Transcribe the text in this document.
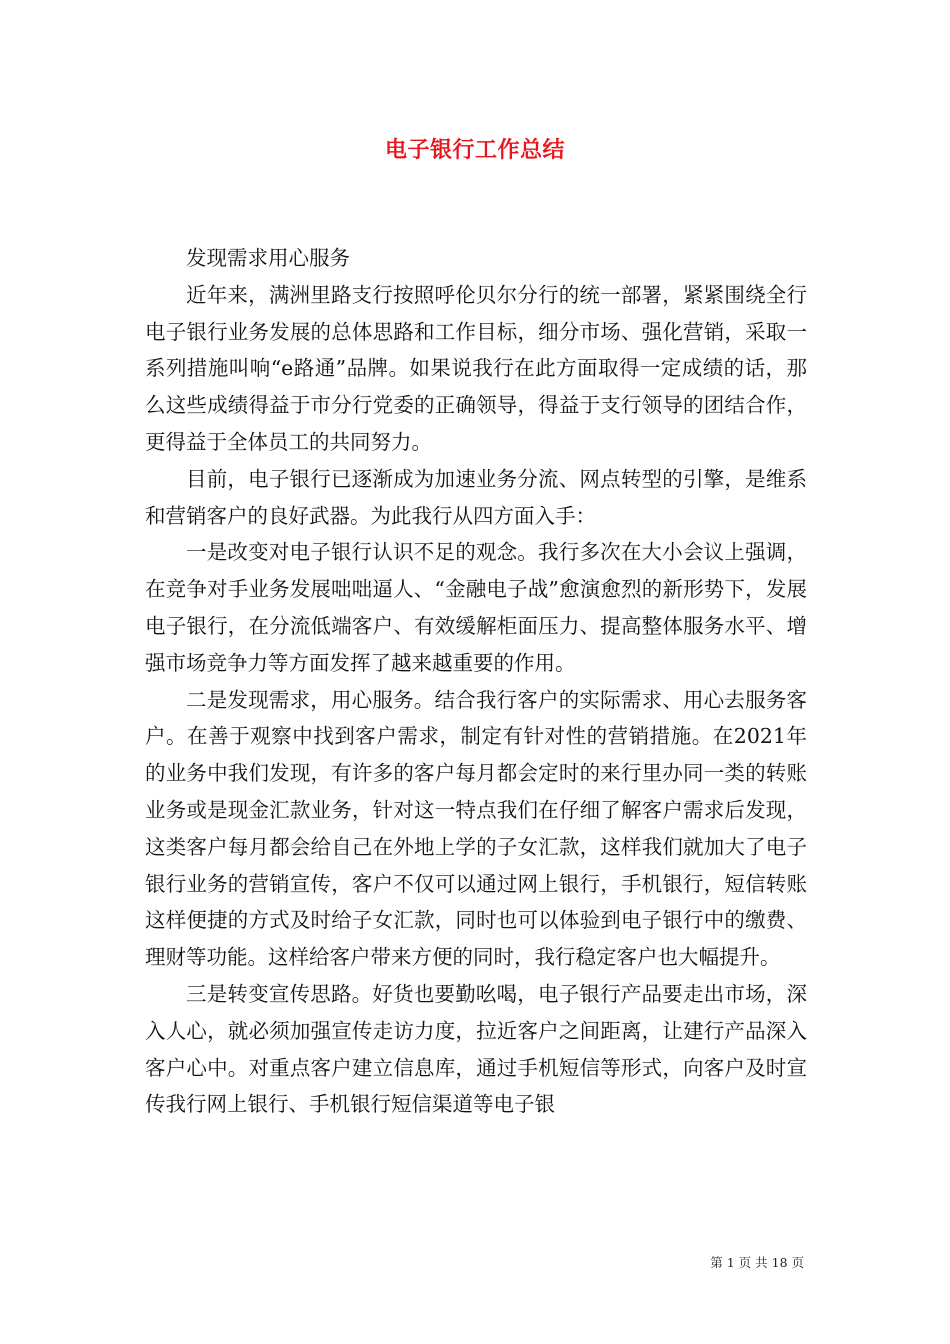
电子银行工作总结

发现需求用心服务

近年来，满洲里路支行按照呼伦贝尔分行的统一部署，紧紧围绕全行电子银行业务发展的总体思路和工作目标，细分市场、强化营销，采取一系列措施叫响“e路通”品牌。如果说我行在此方面取得一定成绩的话，那么这些成绩得益于市分行党委的正确领导，得益于支行领导的团结合作，更得益于全体员工的共同努力。

目前，电子银行已逐渐成为加速业务分流、网点转型的引擎，是维系和营销客户的良好武器。为此我行从四方面入手：

一是改变对电子银行认识不足的观念。我行多次在大小会议上强调，在竞争对手业务发展咄咄逼人、“金融电子战”愈演愈烈的新形势下，发展电子银行，在分流低端客户、有效缓解柜面压力、提高整体服务水平、增强市场竞争力等方面发挥了越来越重要的作用。

二是发现需求，用心服务。结合我行客户的实际需求、用心去服务客户。在善于观察中找到客户需求，制定有针对性的营销措施。在2021年的业务中我们发现，有许多的客户每月都会定时的来行里办同一类的转账业务或是现金汇款业务，针对这一特点我们在仔细了解客户需求后发现，这类客户每月都会给自己在外地上学的子女汇款，这样我们就加大了电子银行业务的营销宣传，客户不仅可以通过网上银行，手机银行，短信转账这样便捷的方式及时给子女汇款，同时也可以体验到电子银行中的缴费、理财等功能。这样给客户带来方便的同时，我行稳定客户也大幅提升。

三是转变宣传思路。好货也要勤吆喝，电子银行产品要走出市场，深入人心，就必须加强宣传走访力度，拉近客户之间距离，让建行产品深入客户心中。对重点客户建立信息库，通过手机短信等形式，向客户及时宣传我行网上银行、手机银行短信渠道等电子银

第 1 页 共 18 页
